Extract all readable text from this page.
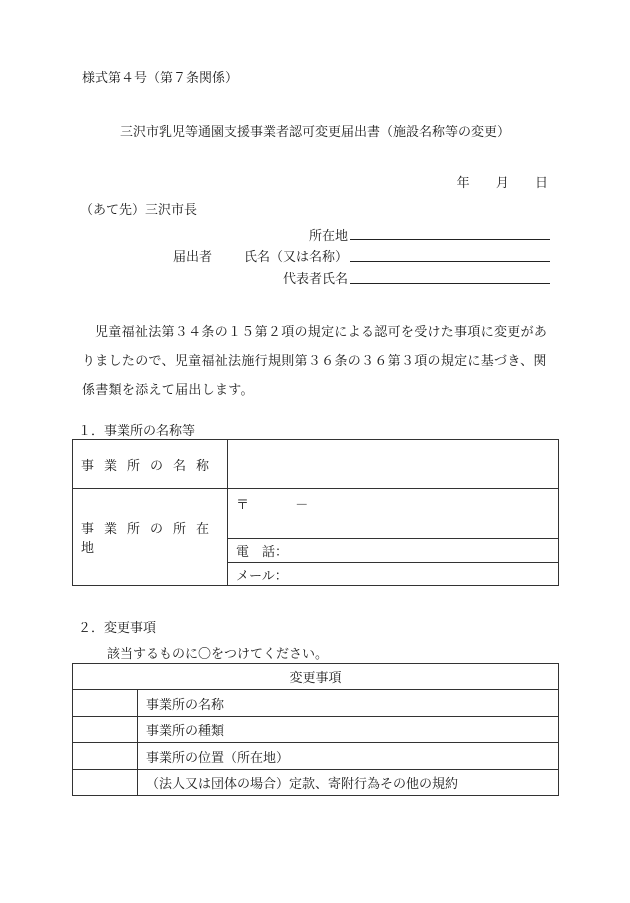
様式第４号（第７条関係）
三沢市乳児等通園支援事業者認可変更届出書（施設名称等の変更）
年 月 日
（あて先）三沢市長
所在地
届出者 氏名（又は名称）
代表者氏名
児童福祉法第３４条の１５第２項の規定による認可を受けた事項に変更がありましたので、児童福祉法施行規則第３６条の３６第３項の規定に基づき、関係書類を添えて届出します。
１．事業所の名称等
事業所の名称	
事業所の所在地	〒 －
	電　話：
	メール：
２．変更事項
該当するものに〇をつけてください。
変更事項	
	事業所の名称
	事業所の種類
	事業所の位置（所在地）
	（法人又は団体の場合）定款、寄附行為その他の規約
